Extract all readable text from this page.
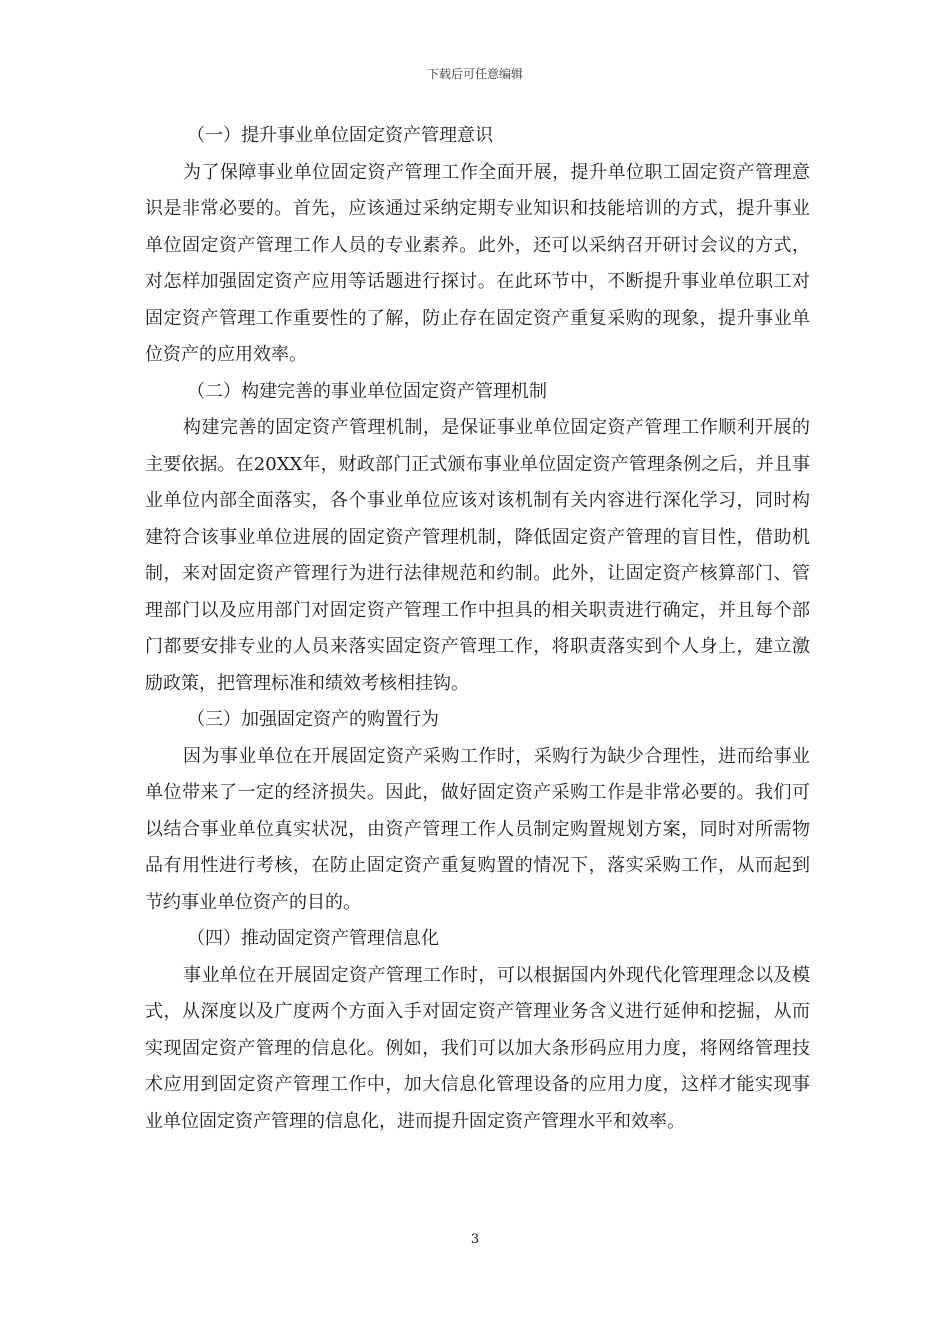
下载后可任意编辑

（一）提升事业单位固定资产管理意识

为了保障事业单位固定资产管理工作全面开展，提升单位职工固定资产管理意识是非常必要的。首先，应该通过采纳定期专业知识和技能培训的方式，提升事业单位固定资产管理工作人员的专业素养。此外，还可以采纳召开研讨会议的方式，对怎样加强固定资产应用等话题进行探讨。在此环节中，不断提升事业单位职工对固定资产管理工作重要性的了解，防止存在固定资产重复采购的现象，提升事业单位资产的应用效率。

（二）构建完善的事业单位固定资产管理机制

构建完善的固定资产管理机制，是保证事业单位固定资产管理工作顺利开展的主要依据。在20XX年，财政部门正式颁布事业单位固定资产管理条例之后，并且事业单位内部全面落实，各个事业单位应该对该机制有关内容进行深化学习，同时构建符合该事业单位进展的固定资产管理机制，降低固定资产管理的盲目性，借助机制，来对固定资产管理行为进行法律规范和约制。此外，让固定资产核算部门、管理部门以及应用部门对固定资产管理工作中担具的相关职责进行确定，并且每个部门都要安排专业的人员来落实固定资产管理工作，将职责落实到个人身上，建立激励政策，把管理标准和绩效考核相挂钩。

（三）加强固定资产的购置行为

因为事业单位在开展固定资产采购工作时，采购行为缺少合理性，进而给事业单位带来了一定的经济损失。因此，做好固定资产采购工作是非常必要的。我们可以结合事业单位真实状况，由资产管理工作人员制定购置规划方案，同时对所需物品有用性进行考核，在防止固定资产重复购置的情况下，落实采购工作，从而起到节约事业单位资产的目的。

（四）推动固定资产管理信息化

事业单位在开展固定资产管理工作时，可以根据国内外现代化管理理念以及模式，从深度以及广度两个方面入手对固定资产管理业务含义进行延伸和挖掘，从而实现固定资产管理的信息化。例如，我们可以加大条形码应用力度，将网络管理技术应用到固定资产管理工作中，加大信息化管理设备的应用力度，这样才能实现事业单位固定资产管理的信息化，进而提升固定资产管理水平和效率。

3
